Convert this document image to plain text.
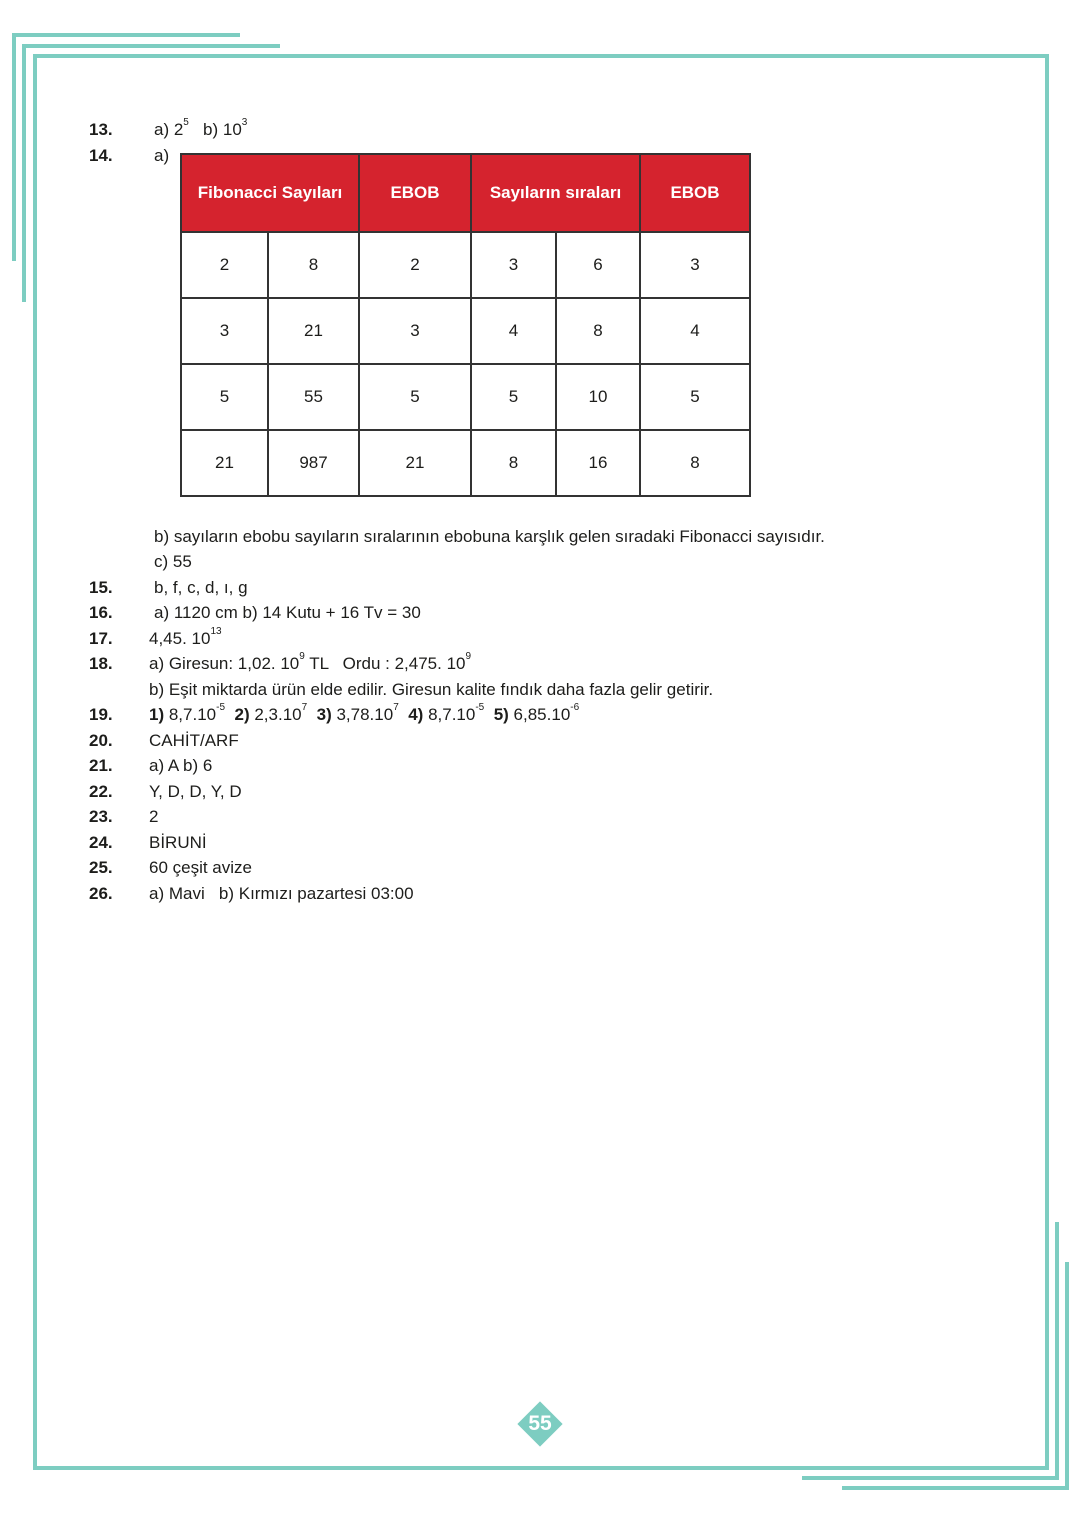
13. a) $2^5$ b) $10^3$
14. a)
Fibonacci Sayıları		EBOB	Sayıların sıraları		EBOB
2	8	2	3	6	3
3	21	3	4	8	4
5	55	5	5	10	5
21	987	21	8	16	8
b) sayıların ebobu sayıların sıralarının ebobuna karşlık gelen sıradaki Fibonacci sayısıdır.
c) 55
15. b, f, c, d, ı, g
16. a) 1120 cm b) 14 Kutu + 16 Tv = 30
17. 4,45. $10^{13}$
18. a) Giresun: 1,02. $10^9$ TL   Ordu : 2,475. $10^9$
b) Eşit miktarda ürün elde edilir. Giresun kalite fındık daha fazla gelir getirir.
19. 1) $8,7.10^{-5}$ 2) 2,3.10$^7$ 3) 3,78.10$^7$ 4) $8,7.10^{-5}$ 5) $6,85.10^{-6}$
20. CAHİT/ARF
21. a) A b) 6
22. Y, D, D, Y, D
23. 2
24. BİRUNİ
25. 60 çeşit avize
26. a) Mavi   b) Kırmızı pazartesi 03:00
55
